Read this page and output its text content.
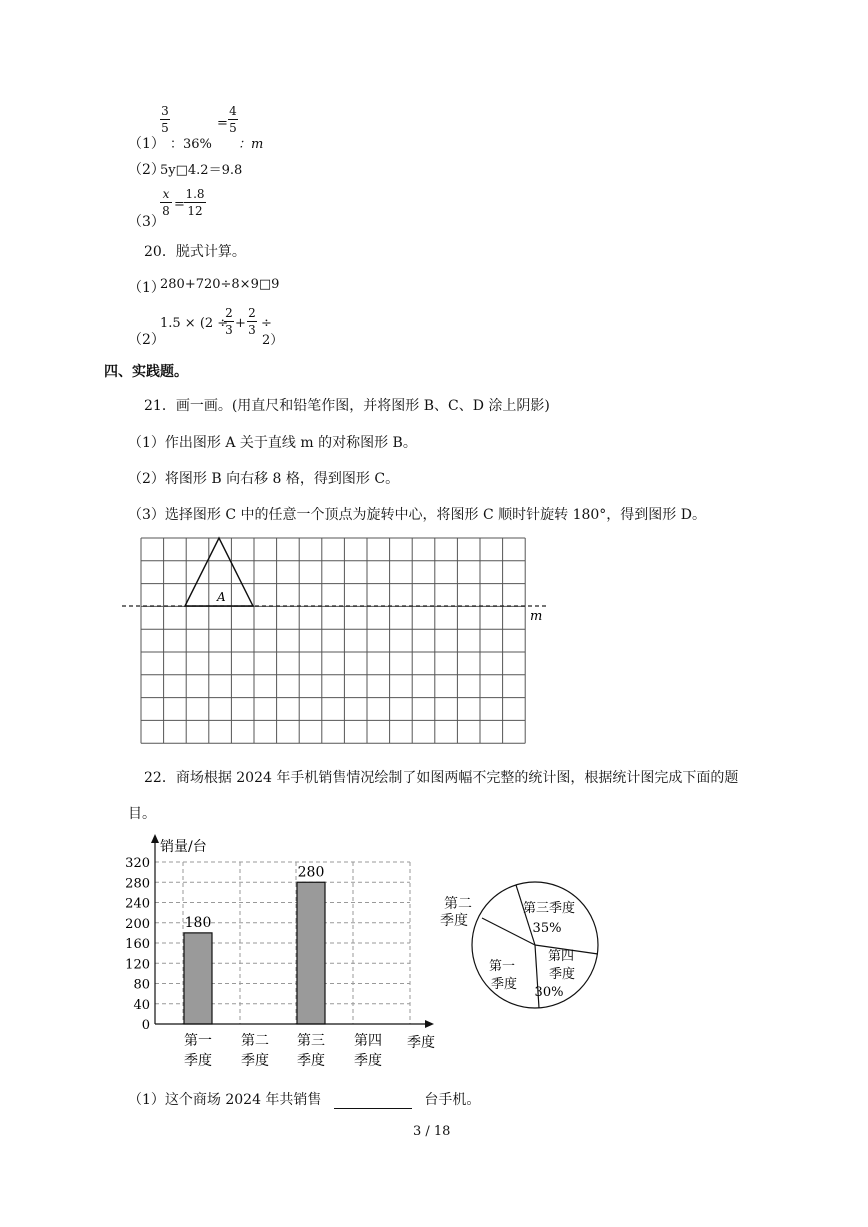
（1）
3
5
：36%
=
4
5
：m
（2）
5y□4.2＝9.8
（3）
x
8 =
1.8
12
20．脱式计算。
（1）
280+720÷8×9□9
（2）
1.5 × (2 ÷
2
3 +
2
3 ÷
2）
四、实践题。
21．画一画。(用直尺和铅笔作图，并将图形 B、C、D 涂上阴影)
（1）作出图形 A 关于直线 m 的对称图形 B。
（2）将图形 B 向右移 8 格，得到图形 C。
（3）选择图形 C 中的任意一个顶点为旋转中心，将图形 C 顺时针旋转 180°，得到图形 D。
A
m
22．商场根据 2024 年手机销售情况绘制了如图两幅不完整的统计图，根据统计图完成下面的题
目。
0
40
80
120
160
200
240
280
320
180
280
第一
季度
第二
季度
第三
季度
第四
季度
销量/台
季度
第三季度
35%
第四
季度
30%
第一
季度
第二
季度
（1）这个商场 2024 年共销售	台手机。
3 / 18
